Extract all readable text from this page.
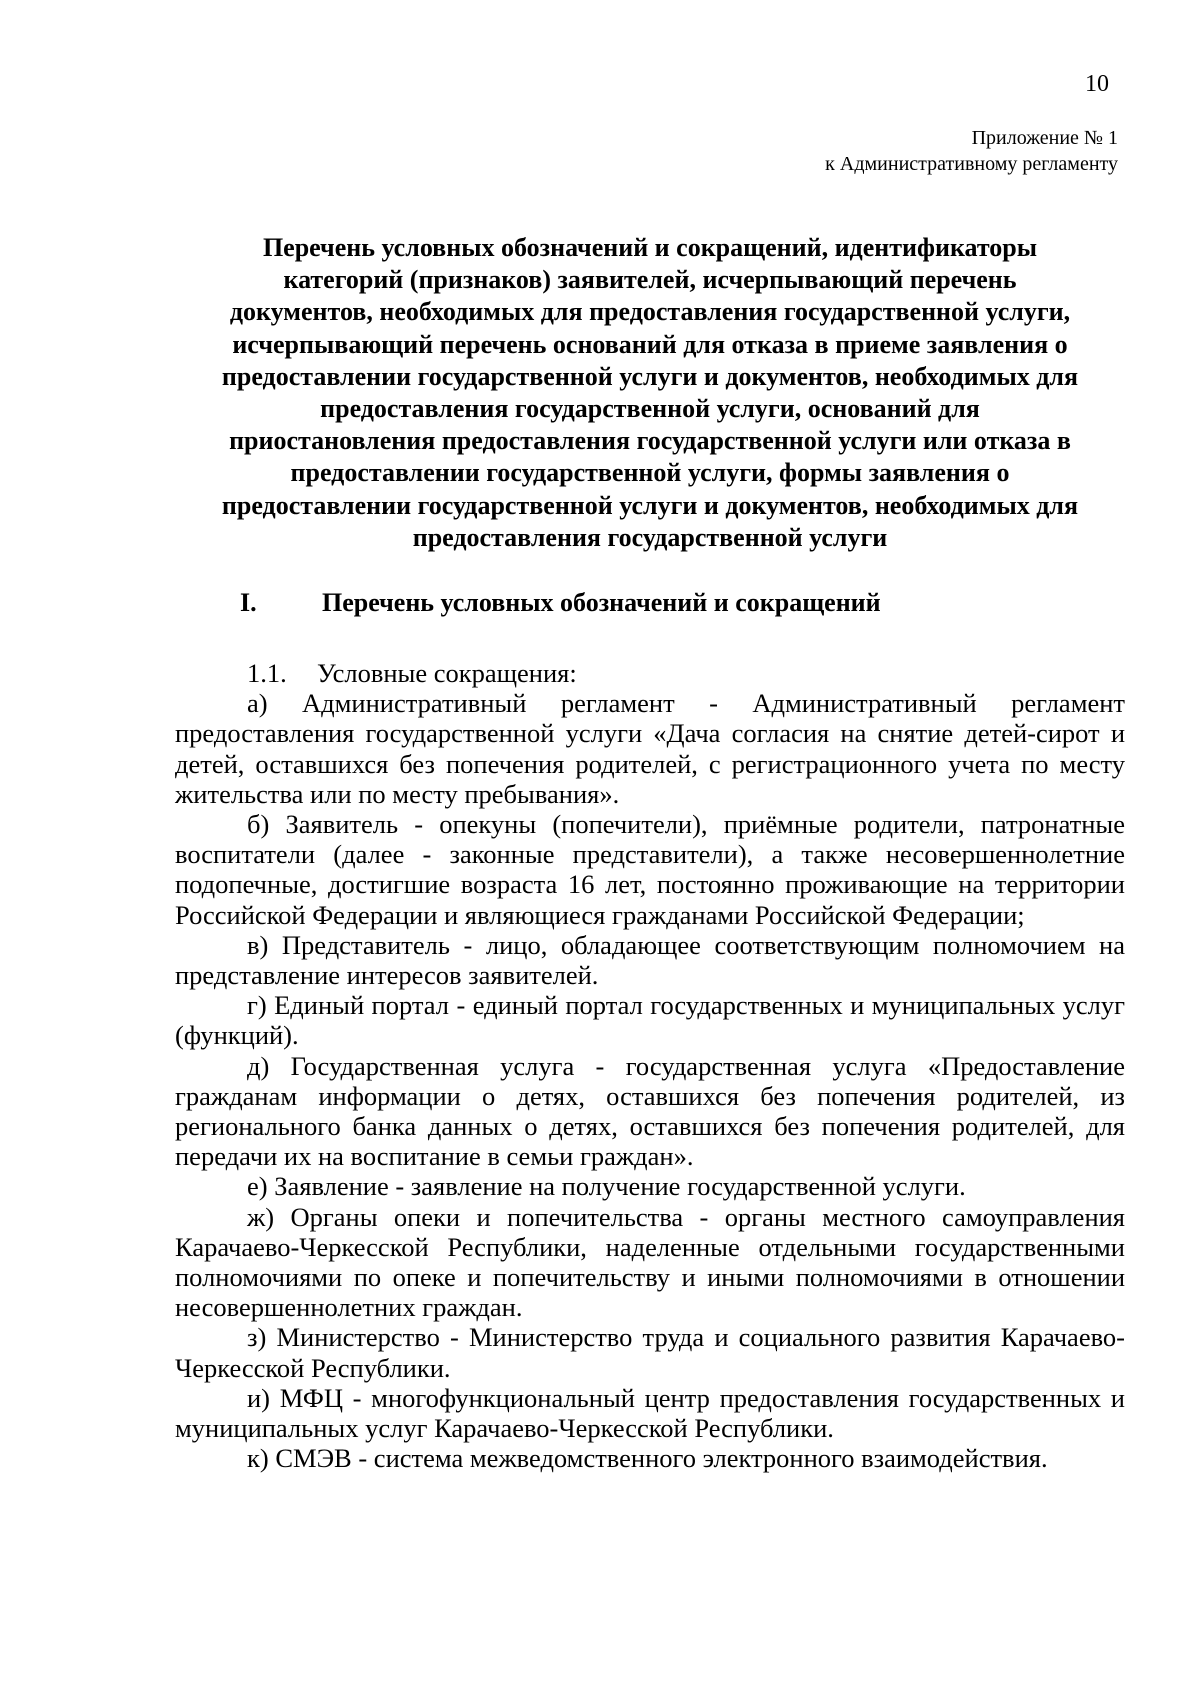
10
Приложение № 1
к Административному регламенту
Перечень условных обозначений и сокращений, идентификаторы
категорий (признаков) заявителей, исчерпывающий перечень
документов, необходимых для предоставления государственной услуги,
исчерпывающий перечень оснований для отказа в приеме заявления о
предоставлении государственной услуги и документов, необходимых для
предоставления государственной услуги, оснований для
приостановления предоставления государственной услуги или отказа в
предоставлении государственной услуги, формы заявления о
предоставлении государственной услуги и документов, необходимых для
предоставления государственной услуги
I.	Перечень условных обозначений и сокращений

1.1. Условные сокращения:

а) Административный регламент - Административный регламент предоставления государственной услуги «Дача согласия на снятие детей-сирот и детей, оставшихся без попечения родителей, с регистрационного учета по месту жительства или по месту пребывания».

б) Заявитель - опекуны (попечители), приёмные родители, патронатные воспитатели (далее - законные представители), а также несовершеннолетние подопечные, достигшие возраста 16 лет, постоянно проживающие на территории Российской Федерации и являющиеся гражданами Российской Федерации;

в) Представитель - лицо, обладающее соответствующим полномочием на представление интересов заявителей.

г) Единый портал - единый портал государственных и муниципальных услуг (функций).

д) Государственная услуга - государственная услуга «Предоставление гражданам информации о детях, оставшихся без попечения родителей, из регионального банка данных о детях, оставшихся без попечения родителей, для передачи их на воспитание в семьи граждан».

е) Заявление - заявление на получение государственной услуги.

ж) Органы опеки и попечительства - органы местного самоуправления Карачаево-Черкесской Республики, наделенные отдельными государственными полномочиями по опеке и попечительству и иными полномочиями в отношении несовершеннолетних граждан.

з) Министерство - Министерство труда и социального развития Карачаево- Черкесской Республики.

и) МФЦ - многофункциональный центр предоставления государственных и муниципальных услуг Карачаево-Черкесской Республики.

к) СМЭВ - система межведомственного электронного взаимодействия.
